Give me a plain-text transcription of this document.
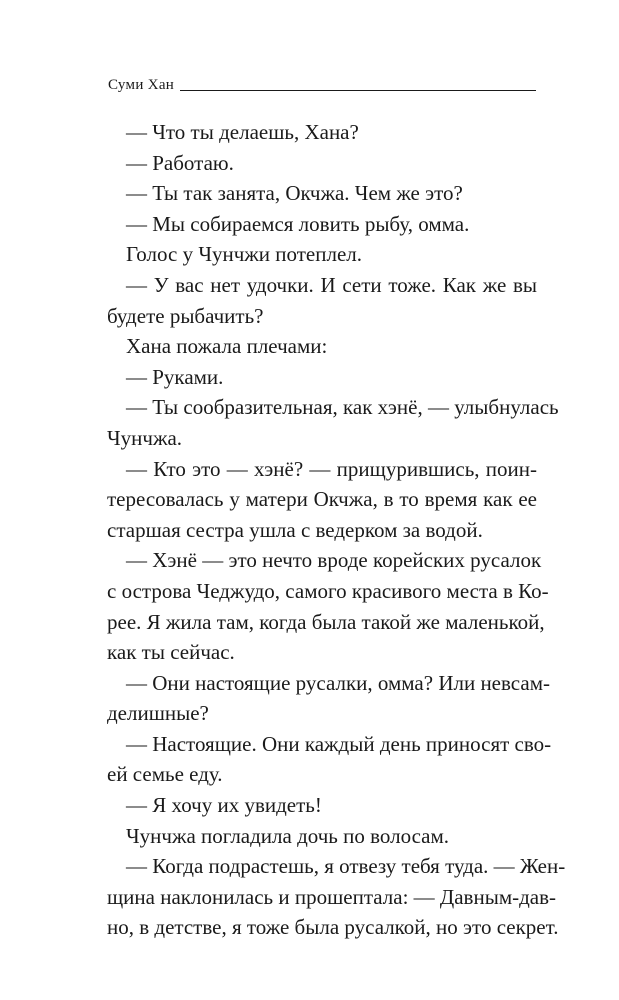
Суми Хан
— Что ты делаешь, Хана?
— Работаю.
— Ты так занята, Окчжа. Чем же это?
— Мы собираемся ловить рыбу, омма.
Голос у Чунчжи потеплел.
— У вас нет удочки. И сети тоже. Как же вы
будете рыбачить?
Хана пожала плечами:
— Руками.
— Ты сообразительная, как хэнё, — улыбнулась
Чунчжа.
— Кто это — хэнё? — прищурившись, поин-
тересовалась у матери Окчжа, в то время как ее
старшая сестра ушла с ведерком за водой.
— Хэнё — это нечто вроде корейских русалок
с острова Чеджудо, самого красивого места в Ко-
рее. Я жила там, когда была такой же маленькой,
как ты сейчас.
— Они настоящие русалки, омма? Или невсам-
делишные?
— Настоящие. Они каждый день приносят сво-
ей семье еду.
— Я хочу их увидеть!
Чунчжа погладила дочь по волосам.
— Когда подрастешь, я отвезу тебя туда. — Жен-
щина наклонилась и прошептала: — Давным-дав-
но, в детстве, я тоже была русалкой, но это секрет.
